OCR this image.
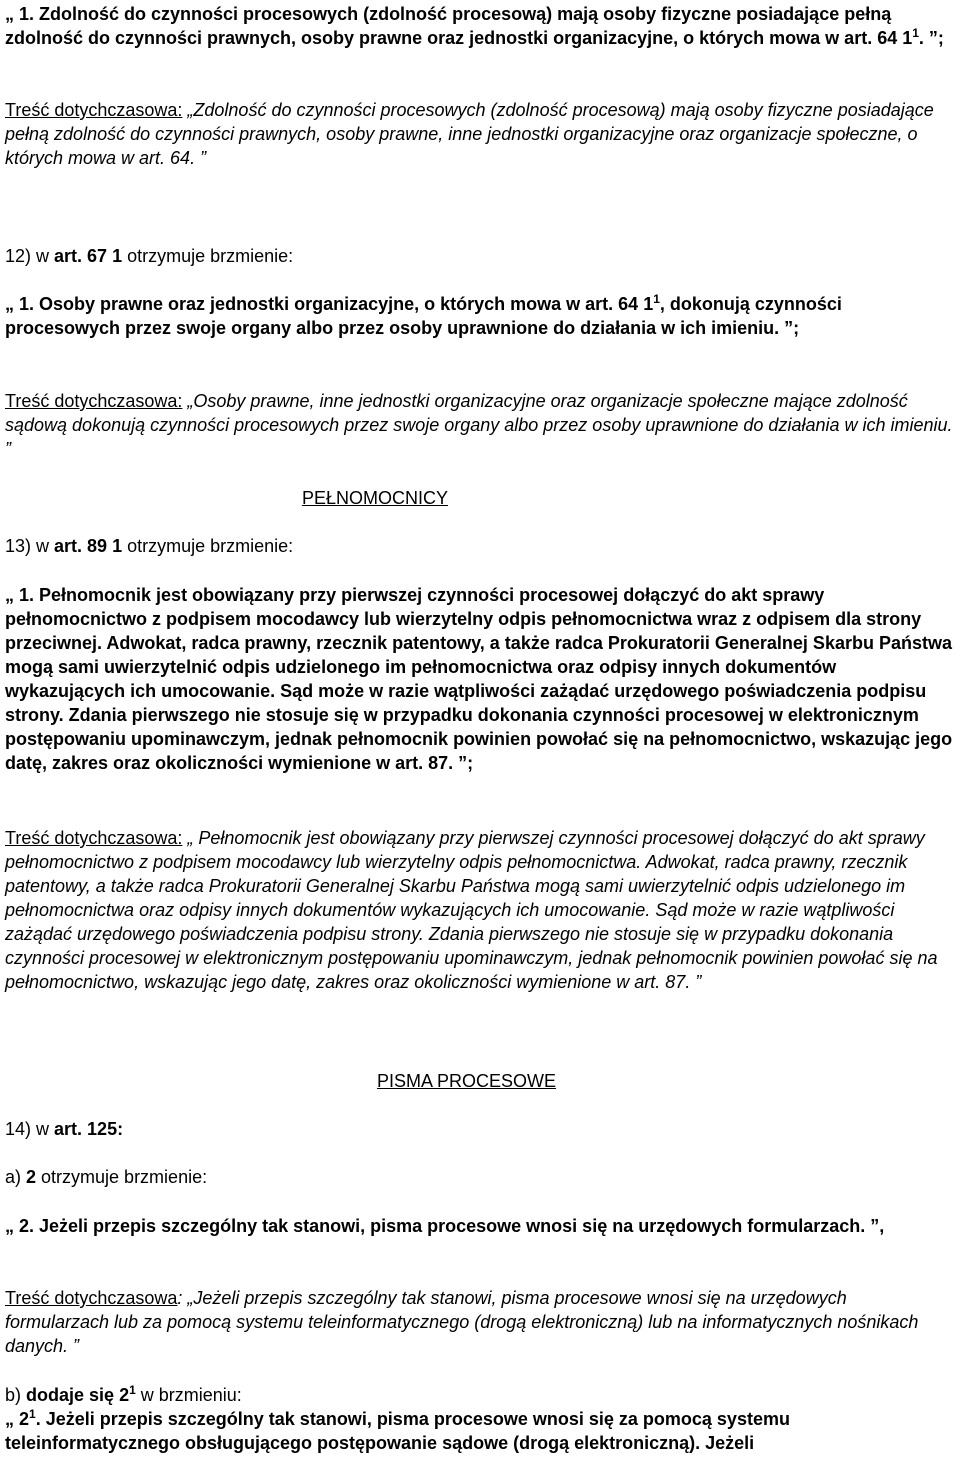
„ 1. Zdolność do czynności procesowych (zdolność procesową) mają osoby fizyczne posiadające pełną zdolność do czynności prawnych, osoby prawne oraz jednostki organizacyjne, o których mowa w art. 64 $1^1$. ”;

Treść dotychczasowa: „Zdolność do czynności procesowych (zdolność procesową) mają osoby fizyczne posiadające pełną zdolność do czynności prawnych, osoby prawne, inne jednostki organizacyjne oraz organizacje społeczne, o których mowa w art. 64. ”

12) w art. 67 1 otrzymuje brzmienie:

„ 1. Osoby prawne oraz jednostki organizacyjne, o których mowa w art. 64 $1^1$, dokonują czynności procesowych przez swoje organy albo przez osoby uprawnione do działania w ich imieniu. ”;

Treść dotychczasowa: „Osoby prawne, inne jednostki organizacyjne oraz organizacje społeczne mające zdolność sądową dokonują czynności procesowych przez swoje organy albo przez osoby uprawnione do działania w ich imieniu. ”

PEŁNOMOCNICY

13) w art. 89 1 otrzymuje brzmienie:

„ 1. Pełnomocnik jest obowiązany przy pierwszej czynności procesowej dołączyć do akt sprawy pełnomocnictwo z podpisem mocodawcy lub wierzytelny odpis pełnomocnictwa wraz z odpisem dla strony przeciwnej. Adwokat, radca prawny, rzecznik patentowy, a także radca Prokuratorii Generalnej Skarbu Państwa mogą sami uwierzytelnić odpis udzielonego im pełnomocnictwa oraz odpisy innych dokumentów wykazujących ich umocowanie. Sąd może w razie wątpliwości zażądać urzędowego poświadczenia podpisu strony. Zdania pierwszego nie stosuje się w przypadku dokonania czynności procesowej w elektronicznym postępowaniu upominawczym, jednak pełnomocnik powinien powołać się na pełnomocnictwo, wskazując jego datę, zakres oraz okoliczności wymienione w art. 87. ”;

Treść dotychczasowa: „ Pełnomocnik jest obowiązany przy pierwszej czynności procesowej dołączyć do akt sprawy pełnomocnictwo z podpisem mocodawcy lub wierzytelny odpis pełnomocnictwa. Adwokat, radca prawny, rzecznik patentowy, a także radca Prokuratorii Generalnej Skarbu Państwa mogą sami uwierzytelnić odpis udzielonego im pełnomocnictwa oraz odpisy innych dokumentów wykazujących ich umocowanie. Sąd może w razie wątpliwości zażądać urzędowego poświadczenia podpisu strony. Zdania pierwszego nie stosuje się w przypadku dokonania czynności procesowej w elektronicznym postępowaniu upominawczym, jednak pełnomocnik powinien powołać się na pełnomocnictwo, wskazując jego datę, zakres oraz okoliczności wymienione w art. 87. ”

PISMA PROCESOWE

14) w art. 125:

a) 2 otrzymuje brzmienie:

„ 2. Jeżeli przepis szczególny tak stanowi, pisma procesowe wnosi się na urzędowych formularzach. ”,

Treść dotychczasowa: „Jeżeli przepis szczególny tak stanowi, pisma procesowe wnosi się na urzędowych formularzach lub za pomocą systemu teleinformatycznego (drogą elektroniczną) lub na informatycznych nośnikach danych. ”

b) dodaje się $2^1$ w brzmieniu:

„ $2^1$. Jeżeli przepis szczególny tak stanowi, pisma procesowe wnosi się za pomocą systemu teleinformatycznego obsługującego postępowanie sądowe (drogą elektroniczną). Jeżeli
